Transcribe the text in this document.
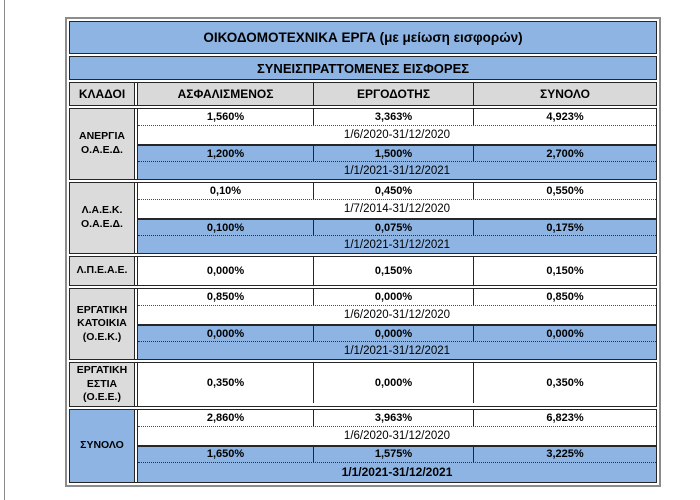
ΟΙΚΟΔΟΜΟΤΕΧΝΙΚΑ ΕΡΓΑ (με μείωση εισφορών)
ΣΥΝΕΙΣΠΡΑΤΤΟΜΕΝΕΣ ΕΙΣΦΟΡΕΣ
ΚΛΑΔΟΙ	ΑΣΦΑΛΙΣΜΕΝΟΣ	ΕΡΓΟΔΟΤΗΣ	ΣΥΝΟΛΟ
ΑΝΕΡΓΙΑ Ο.Α.Ε.Δ.
1,560%	3,363%	4,923%
1/6/2020-31/12/2020
1,200%	1,500%	2,700%
1/1/2021-31/12/2021
Λ.Α.Ε.Κ. Ο.Α.Ε.Δ.
0,10%	0,450%	0,550%
1/7/2014-31/12/2020
0,100%	0,075%	0,175%
1/1/2021-31/12/2021
Λ.Π.Ε.Α.Ε.	0,000%	0,150%	0,150%
ΕΡΓΑΤΙΚΗ ΚΑΤΟΙΚΙΑ (Ο.Ε.Κ.)
0,850%	0,000%	0,850%
1/6/2020-31/12/2020
0,000%	0,000%	0,000%
1/1/2021-31/12/2021
ΕΡΓΑΤΙΚΗ ΕΣΤΙΑ (Ο.Ε.Ε.)
0,350%	0,000%	0,350%
ΣΥΝΟΛΟ
2,860%	3,963%	6,823%
1/6/2020-31/12/2020
1,650%	1,575%	3,225%
1/1/2021-31/12/2021
